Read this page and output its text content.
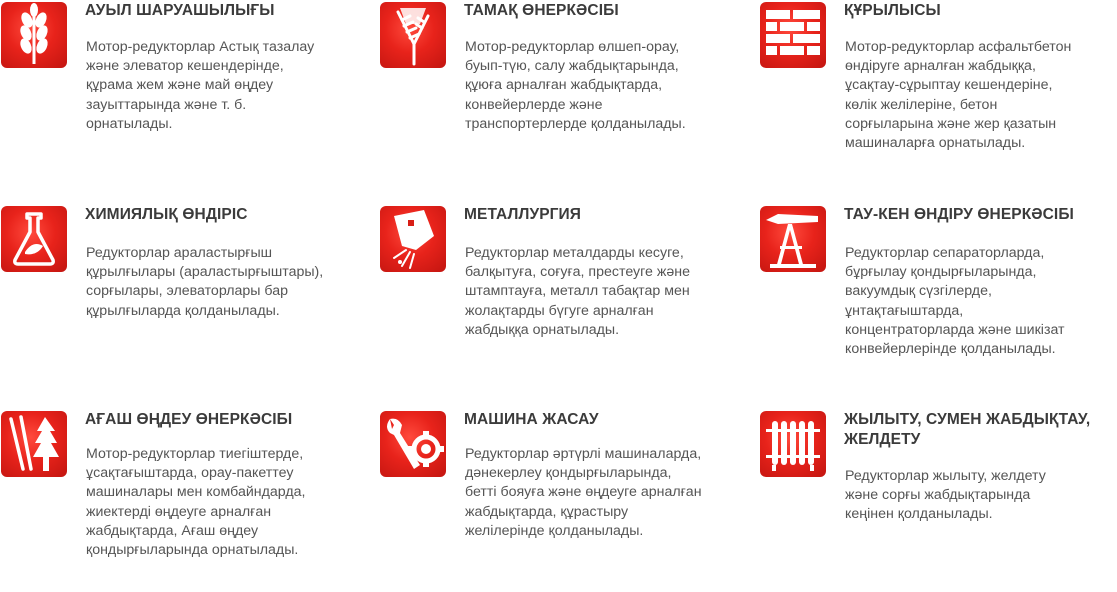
АУЫЛ ШАРУАШЫЛЫҒЫ
Мотор-редукторлар Астық тазалау
және элеватор кешендерінде,
құрама жем және май өңдеу
зауыттарында және т. б.
орнатылады.
ТАМАҚ ӨНЕРКӘСІБІ
Мотор-редукторлар өлшеп-орау,
буып-түю, салу жабдықтарында,
құюға арналған жабдықтарда,
конвейерлерде және
транспортерлерде қолданылады.
ҚҰРЫЛЫСЫ
Мотор-редукторлар асфальтбетон
өндіруге арналған жабдыққа,
ұсақтау-сұрыптау кешендеріне,
көлік желілеріне, бетон
сорғыларына және жер қазатын
машиналарға орнатылады.
ХИМИЯЛЫҚ ӨНДІРІС
Редукторлар араластырғыш
құрылғылары (араластырғыштары),
сорғылары, элеваторлары бар
құрылғыларда қолданылады.
МЕТАЛЛУРГИЯ
Редукторлар металдарды кесуге,
балқытуға, соғуға, престеуге және
штамптауға, металл табақтар мен
жолақтарды бүгуге арналған
жабдыққа орнатылады.
ТАУ-КЕН ӨНДІРУ ӨНЕРКӘСІБІ
Редукторлар сепараторларда,
бұрғылау қондырғыларында,
вакуумдық сүзгілерде,
ұнтақтағыштарда,
концентраторларда және шикізат
конвейерлерінде қолданылады.
АҒАШ ӨҢДЕУ ӨНЕРКӘСІБІ
Мотор-редукторлар тиегіштерде,
ұсақтағыштарда, орау-пакеттеу
машиналары мен комбайндарда,
жиектерді өңдеуге арналған
жабдықтарда, Ағаш өңдеу
қондырғыларында орнатылады.
МАШИНА ЖАСАУ
Редукторлар әртүрлі машиналарда,
дәнекерлеу қондырғыларында,
бетті бояуға және өңдеуге арналған
жабдықтарда, құрастыру
желілерінде қолданылады.
ЖЫЛЫТУ, СУМЕН ЖАБДЫҚТАУ, ЖЕЛДЕТУ
Редукторлар жылыту, желдету
және сорғы жабдықтарында
кеңінен қолданылады.
